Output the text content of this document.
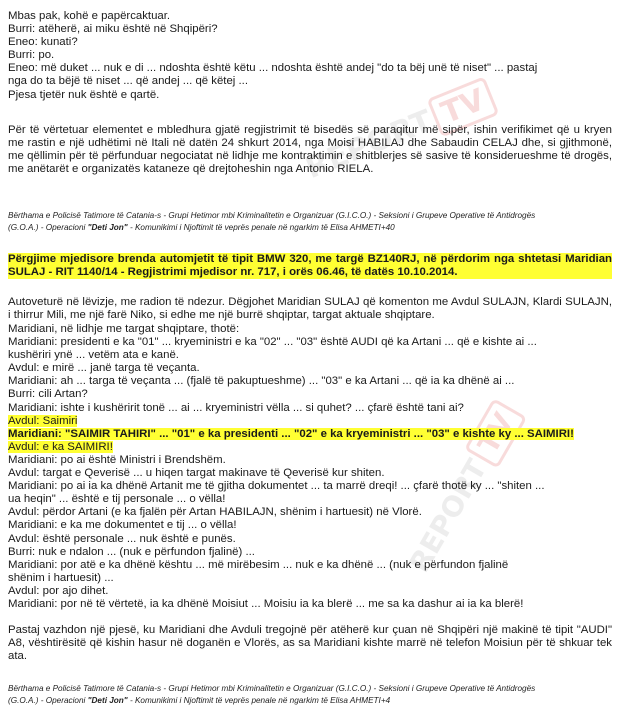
REPORTTV
REPORT
Mbas pak, kohë e papërcaktuar.
Burri: atëherë, ai miku është në Shqipëri?
Eneo: kunati?
Burri: po.
Eneo: më duket ... nuk e di ... ndoshta është këtu ... ndoshta është andej "do ta bëj unë të niset" ... pastaj
nga do ta bëjë të niset ... që andej ... që këtej ...
Pjesa tjetër nuk është e qartë.
Për të vërtetuar elementet e mbledhura gjatë regjistrimit të bisedës së paraqitur më sipër, ishin verifikimet që u kryen me rastin e një udhëtimi në Itali në datën 24 shkurt 2014, nga Moisi HABILAJ dhe Sabaudin CELAJ dhe, si gjithmonë, me qëllimin për të përfunduar negociatat në lidhje me kontraktimin e shitblerjes së sasive të konsiderueshme të drogës, me anëtarët e organizatës kataneze që drejtoheshin nga Antonio RIELA.
Bërthama e Policisë Tatimore të Catania-s - Grupi Hetimor mbi Kriminalitetin e Organizuar (G.I.C.O.) - Seksioni i Grupeve Operative të Antidrogës
(G.O.A.) - Operacioni "Deti Jon" - Komunikimi i Njoftimit të veprës penale në ngarkim të Elisa AHMETI+40
Përgjime mjedisore brenda automjetit të tipit BMW 320, me targë BZ140RJ, në përdorim nga shtetasi Maridian SULAJ - RIT 1140/14 - Regjistrimi mjedisor nr. 717, i orës 06.46, të datës 10.10.2014.
Autoveturë në lëvizje, me radion të ndezur. Dëgjohet Maridian SULAJ që komenton me Avdul SULAJN, Klardi SULAJN, i thirrur Mili, me një farë Niko, si edhe me një burrë shqiptar, targat aktuale shqiptare.
Maridiani, në lidhje me targat shqiptare, thotë:
Maridiani: presidenti e ka "01" ... kryeministri e ka "02" ... "03" është AUDI që ka Artani ... që e kishte ai ...
kushëriri ynë ... vetëm ata e kanë.
Avdul: e mirë ... janë targa të veçanta.
Maridiani: ah ... targa të veçanta ... (fjalë të pakuptueshme) ... "03" e ka Artani ... që ia ka dhënë ai ...
Burri: cili Artan?
Maridiani: ishte i kushëririt tonë ... ai ... kryeministri vëlla ... si quhet? ... çfarë është tani ai?
Avdul: Saimiri
Maridiani: "SAIMIR TAHIRI" ... "01" e ka presidenti ... "02" e ka kryeministri ... "03" e kishte ky ... SAIMIRI!
Avdul: e ka SAIMIRI!
Maridiani: po ai është Ministri i Brendshëm.
Avdul: targat e Qeverisë ... u hiqen targat makinave të Qeverisë kur shiten.
Maridiani: po ai ia ka dhënë Artanit me të gjitha dokumentet ... ta marrë dreqi! ... çfarë thotë ky ... "shiten ...
ua heqin" ... është e tij personale ... o vëlla!
Avdul: përdor Artani (e ka fjalën për Artan HABILAJN, shënim i hartuesit) në Vlorë.
Maridiani: e ka me dokumentet e tij ... o vëlla!
Avdul: është personale ... nuk është e punës.
Burri: nuk e ndalon ... (nuk e përfundon fjalinë) ...
Maridiani: por atë e ka dhënë kështu ... më mirëbesim ... nuk e ka dhënë ... (nuk e përfundon fjalinë
shënim i hartuesit) ...
Avdul: por ajo dihet.
Maridiani: por në të vërtetë, ia ka dhënë Moisiut ... Moisiu ia ka blerë ... me sa ka dashur ai ia ka blerë!
Pastaj vazhdon një pjesë, ku Maridiani dhe Avduli tregojnë për atëherë kur çuan në Shqipëri një makinë të tipit "AUDI" A8, vështirësitë që kishin hasur në doganën e Vlorës, as sa Maridiani kishte marrë në telefon Moisiun për të shkuar tek ata.
Bërthama e Policisë Tatimore të Catania-s - Grupi Hetimor mbi Kriminalitetin e Organizuar (G.I.C.O.) - Seksioni i Grupeve Operative të Antidrogës
(G.O.A.) - Operacioni "Deti Jon" - Komunikimi i Njoftimit të veprës penale në ngarkim të Elisa AHMETI+4
